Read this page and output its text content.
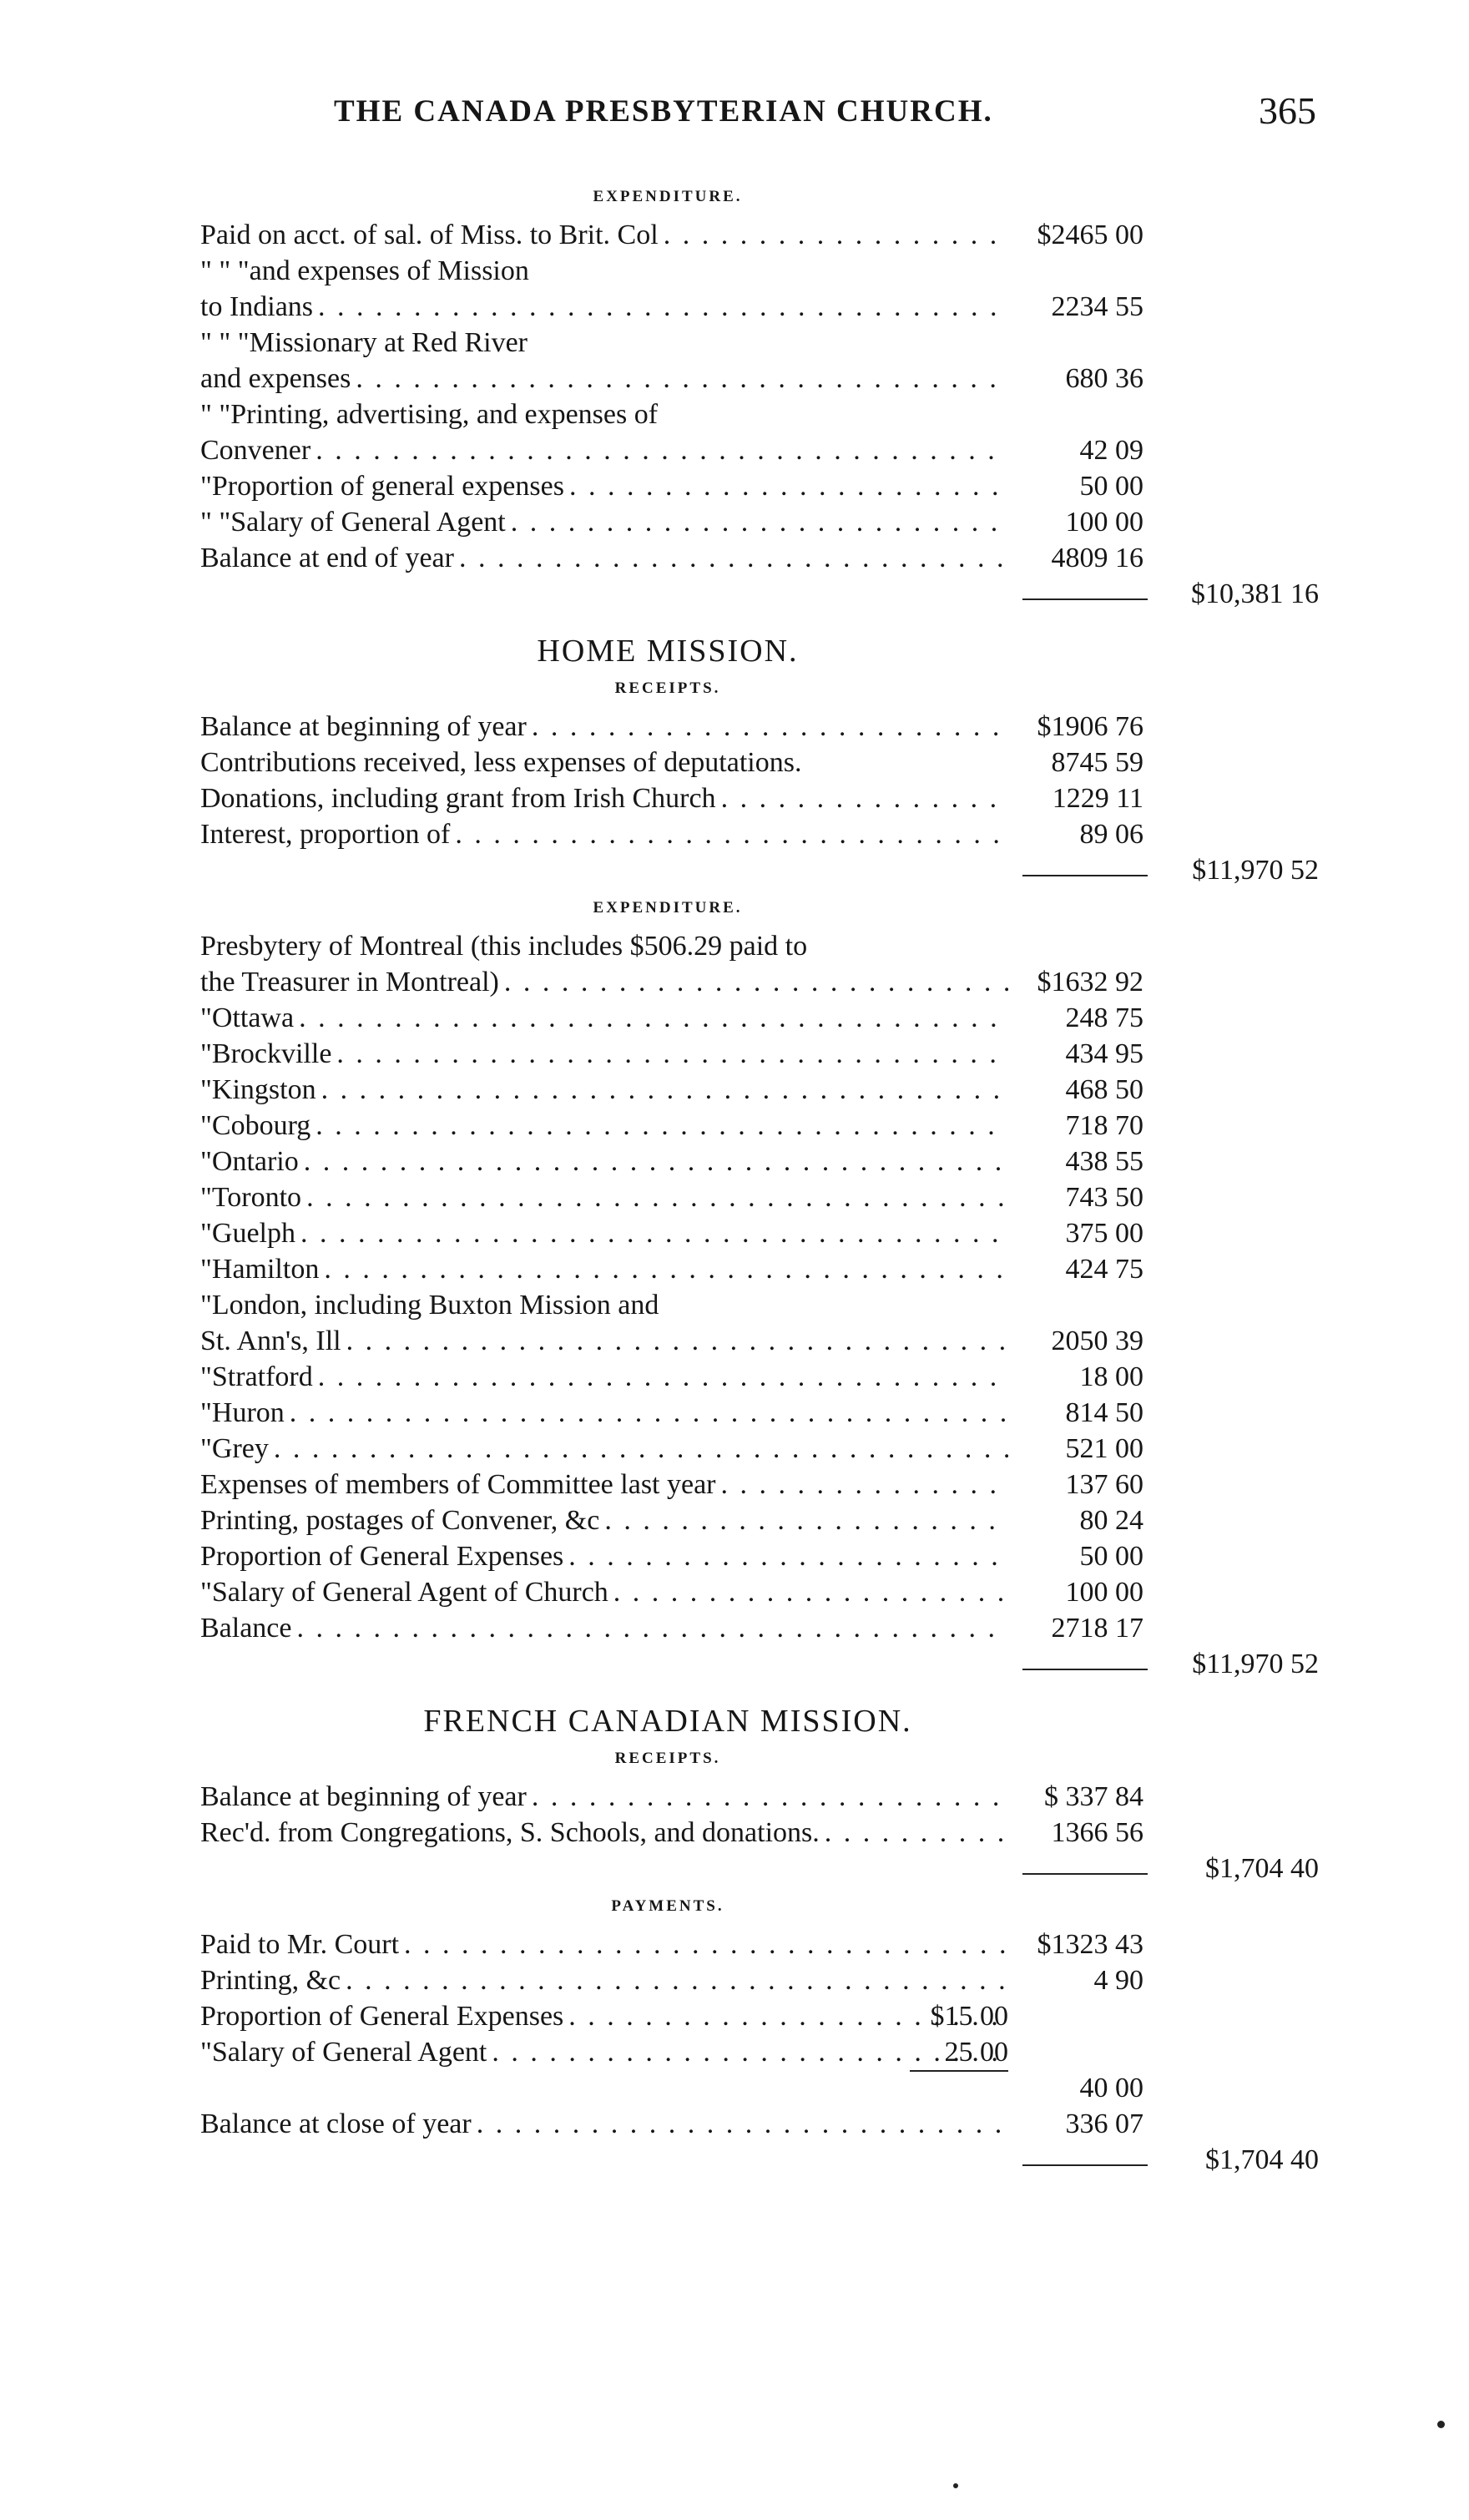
THE CANADA PRESBYTERIAN CHURCH.	365
EXPENDITURE.
Paid on acct. of sal. of Miss. to Brit. Col . . .	$2465 00
" " " and expenses of Mission
to Indians . . .	2234 55
" " " Missionary at Red River
and expenses . . .	680 36
" " Printing, advertising, and expenses of
Convener . . .	42 09
" Proportion of general expenses . . .	50 00
" " Salary of General Agent . . .	100 00
Balance at end of year . . .	4809 16
$10,381 16
HOME MISSION.
RECEIPTS.
Balance at beginning of year . . .	$1906 76
Contributions received, less expenses of deputations.	8745 59
Donations, including grant from Irish Church . . .	1229 11
Interest, proportion of . . .	89 06
$11,970 52
EXPENDITURE.
Presbytery of Montreal (this includes $506.29 paid to
the Treasurer in Montreal) . . .	$1632 92
" Ottawa . . .	248 75
" Brockville . . .	434 95
" Kingston . . .	468 50
" Cobourg . . .	718 70
" Ontario . . .	438 55
" Toronto . . .	743 50
" Guelph . . .	375 00
" Hamilton . . .	424 75
" London, including Buxton Mission and
St. Ann's, Ill . . .	2050 39
" Stratford . . .	18 00
" Huron . . .	814 50
" Grey . . .	521 00
Expenses of members of Committee last year . . .	137 60
Printing, postages of Convener, &c . . .	80 24
Proportion of General Expenses . . .	50 00
" Salary of General Agent of Church . . .	100 00
Balance . . .	2718 17
$11,970 52
FRENCH CANADIAN MISSION.
RECEIPTS.
Balance at beginning of year . . .	$ 337 84
Rec'd. from Congregations, S. Schools, and donations. . . .	1366 56
$1,704 40
PAYMENTS.
Paid to Mr. Court . . .	$1323 43
Printing, &c . . .	4 90
Proportion of General Expenses . . .	$15 00
" Salary of General Agent . . .	25 00
40 00
Balance at close of year . . .	336 07
$1,704 40
